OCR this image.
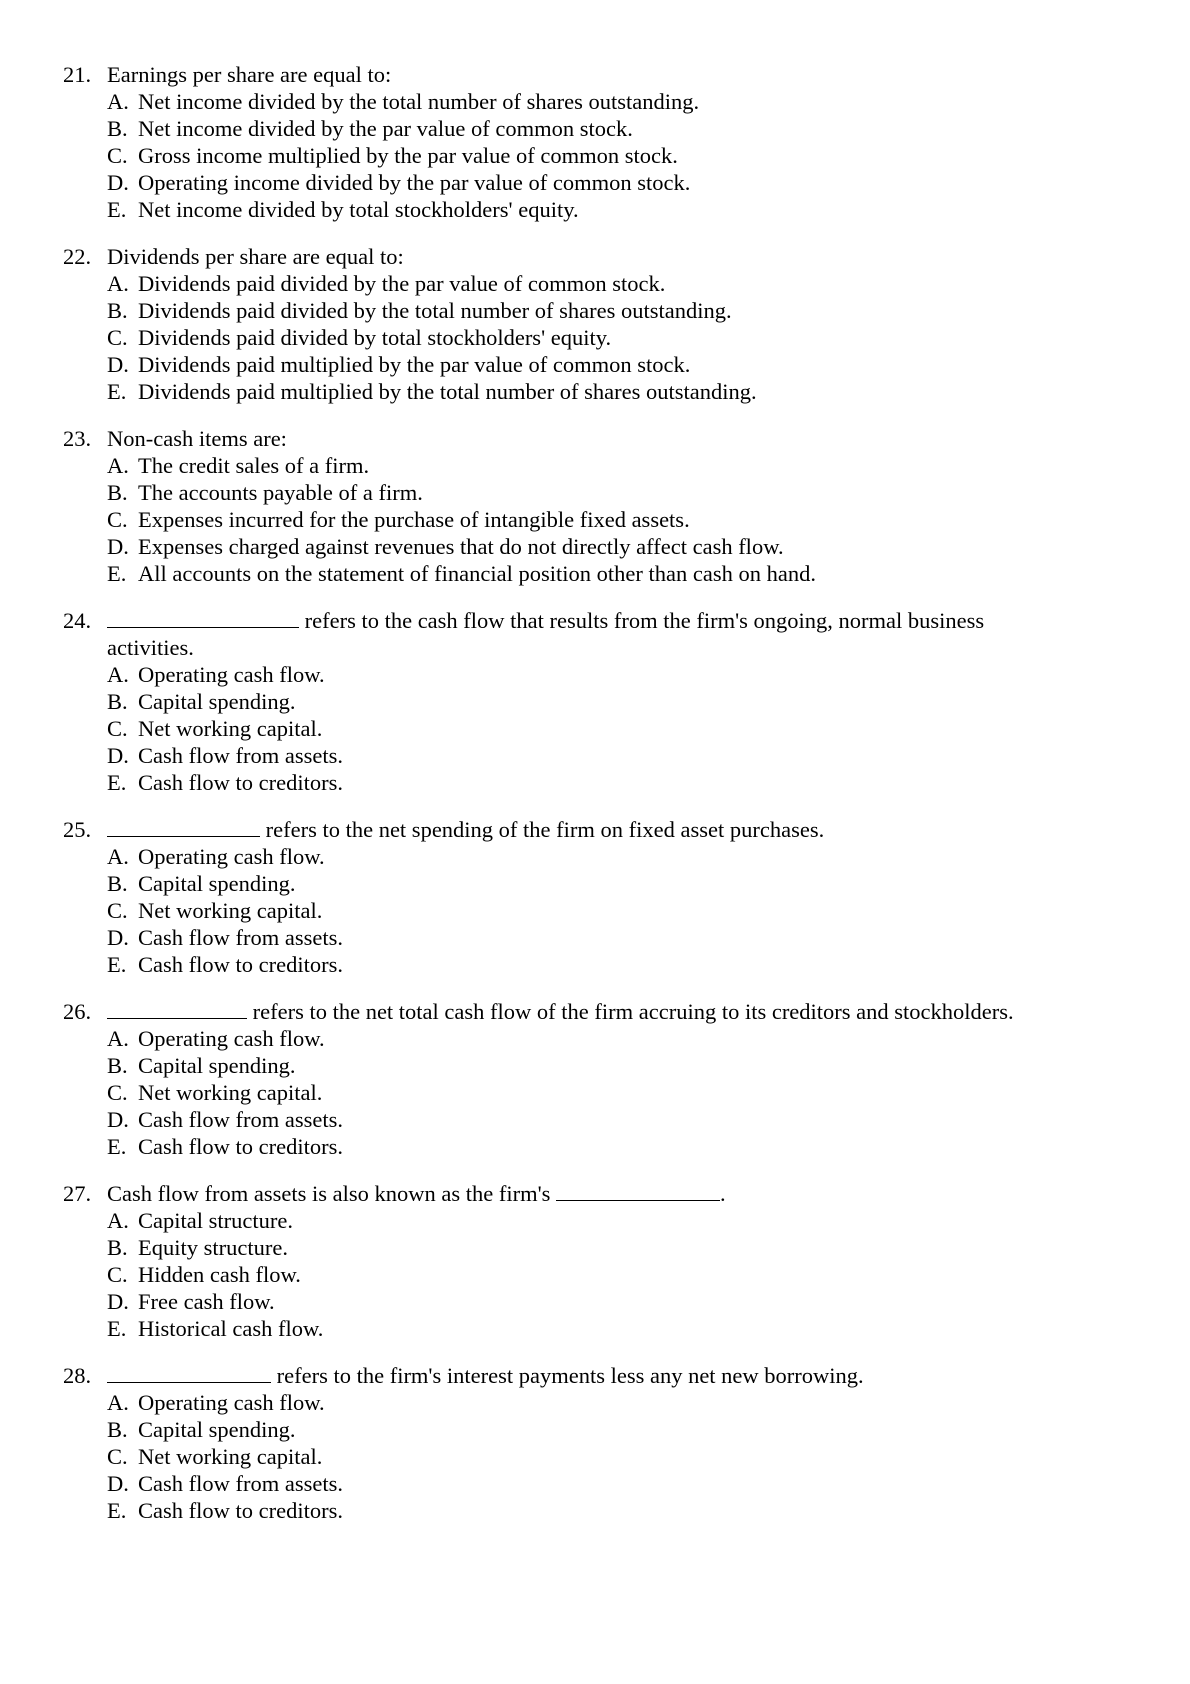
21. Earnings per share are equal to:
A. Net income divided by the total number of shares outstanding.
B. Net income divided by the par value of common stock.
C. Gross income multiplied by the par value of common stock.
D. Operating income divided by the par value of common stock.
E. Net income divided by total stockholders' equity.
22. Dividends per share are equal to:
A. Dividends paid divided by the par value of common stock.
B. Dividends paid divided by the total number of shares outstanding.
C. Dividends paid divided by total stockholders' equity.
D. Dividends paid multiplied by the par value of common stock.
E. Dividends paid multiplied by the total number of shares outstanding.
23. Non-cash items are:
A. The credit sales of a firm.
B. The accounts payable of a firm.
C. Expenses incurred for the purchase of intangible fixed assets.
D. Expenses charged against revenues that do not directly affect cash flow.
E. All accounts on the statement of financial position other than cash on hand.
24.	refers to the cash flow that results from the firm's ongoing, normal business
activities.
A. Operating cash flow.
B. Capital spending.
C. Net working capital.
D. Cash flow from assets.
E. Cash flow to creditors.
25.	refers to the net spending of the firm on fixed asset purchases.
A. Operating cash flow.
B. Capital spending.
C. Net working capital.
D. Cash flow from assets.
E. Cash flow to creditors.
26.	refers to the net total cash flow of the firm accruing to its creditors and stockholders.
A. Operating cash flow.
B. Capital spending.
C. Net working capital.
D. Cash flow from assets.
E. Cash flow to creditors.
27. Cash flow from assets is also known as the firm's	.
A. Capital structure.
B. Equity structure.
C. Hidden cash flow.
D. Free cash flow.
E. Historical cash flow.
28.	refers to the firm's interest payments less any net new borrowing.
A. Operating cash flow.
B. Capital spending.
C. Net working capital.
D. Cash flow from assets.
E. Cash flow to creditors.
